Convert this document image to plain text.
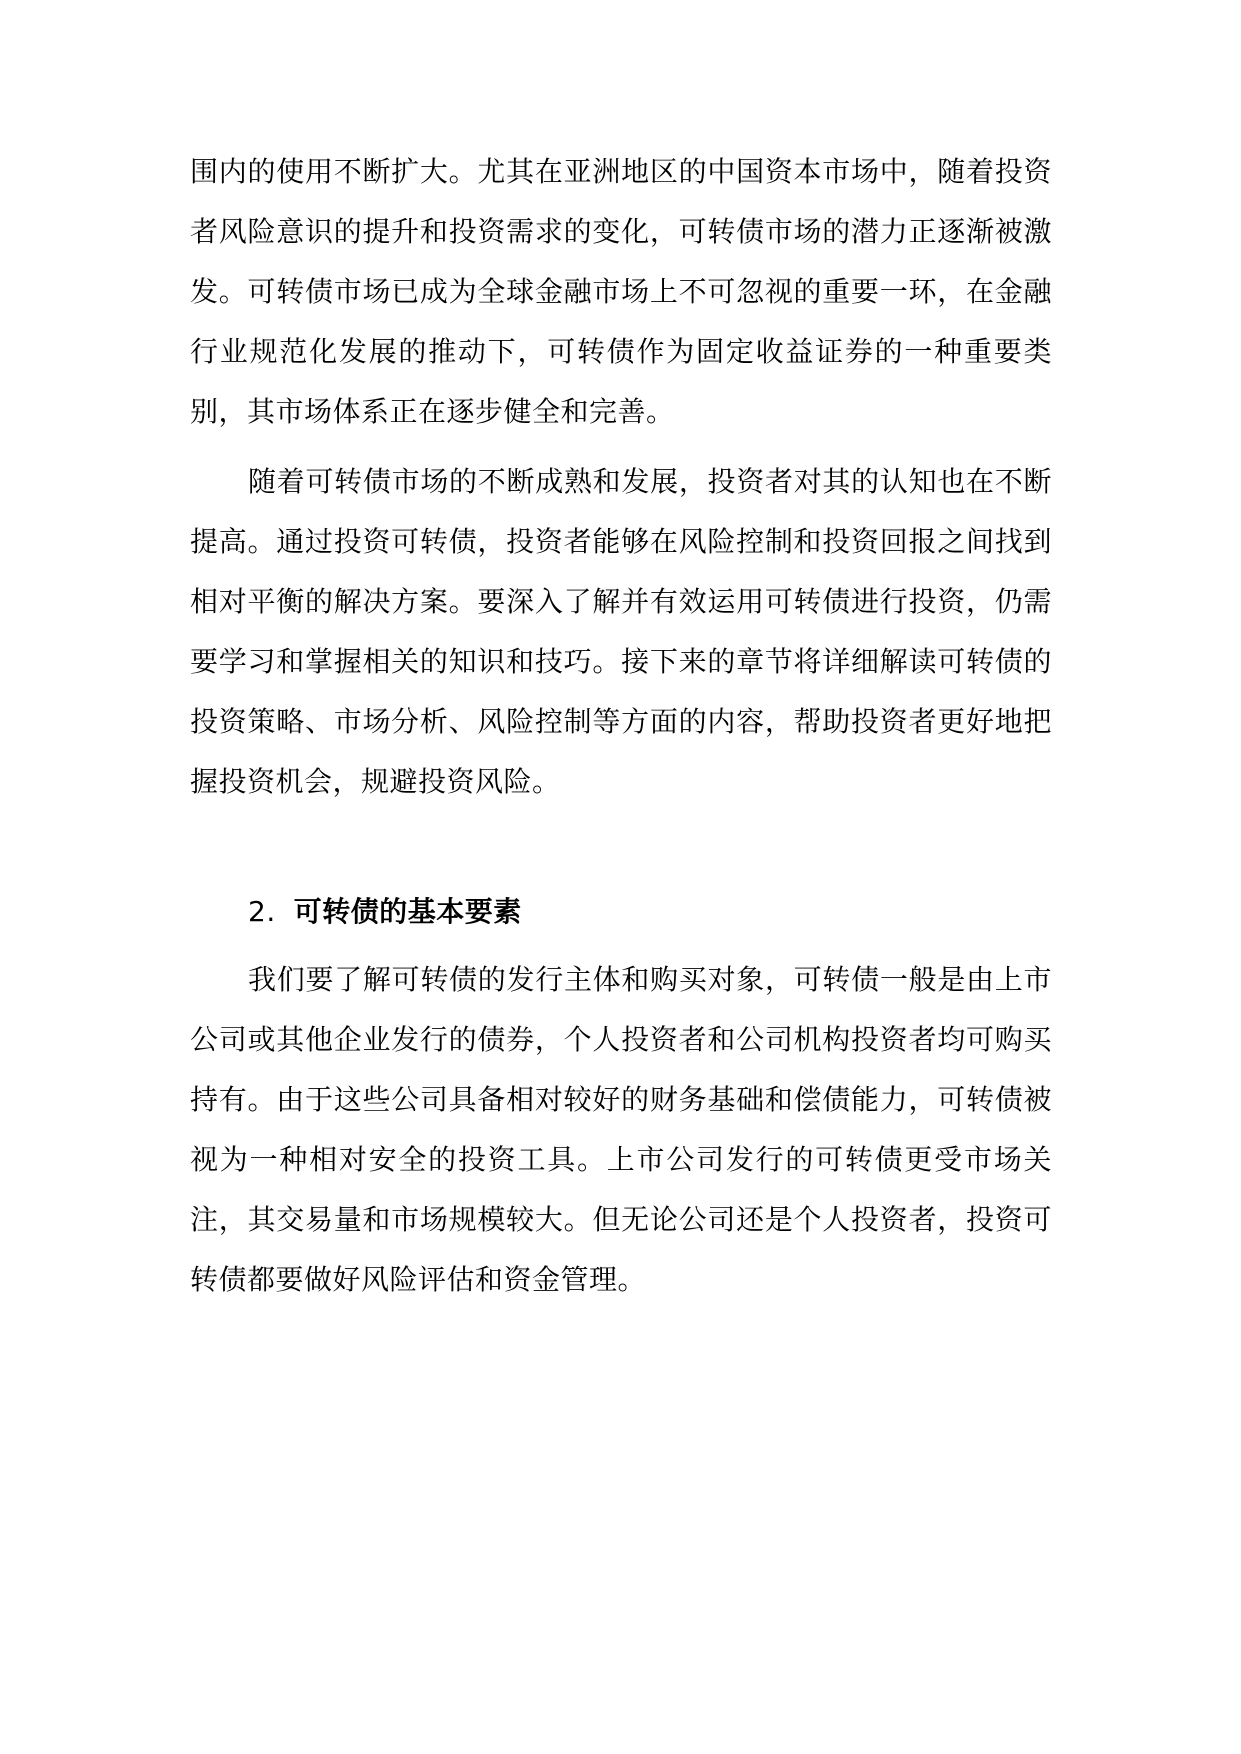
围内的使用不断扩大。尤其在亚洲地区的中国资本市场中，随着投资者风险意识的提升和投资需求的变化，可转债市场的潜力正逐渐被激发。可转债市场已成为全球金融市场上不可忽视的重要一环，在金融行业规范化发展的推动下，可转债作为固定收益证券的一种重要类别，其市场体系正在逐步健全和完善。

随着可转债市场的不断成熟和发展，投资者对其的认知也在不断提高。通过投资可转债，投资者能够在风险控制和投资回报之间找到相对平衡的解决方案。要深入了解并有效运用可转债进行投资，仍需要学习和掌握相关的知识和技巧。接下来的章节将详细解读可转债的投资策略、市场分析、风险控制等方面的内容，帮助投资者更好地把握投资机会，规避投资风险。

2. 可转债的基本要素

我们要了解可转债的发行主体和购买对象，可转债一般是由上市公司或其他企业发行的债券，个人投资者和公司机构投资者均可购买持有。由于这些公司具备相对较好的财务基础和偿债能力，可转债被视为一种相对安全的投资工具。上市公司发行的可转债更受市场关注，其交易量和市场规模较大。但无论公司还是个人投资者，投资可转债都要做好风险评估和资金管理。
